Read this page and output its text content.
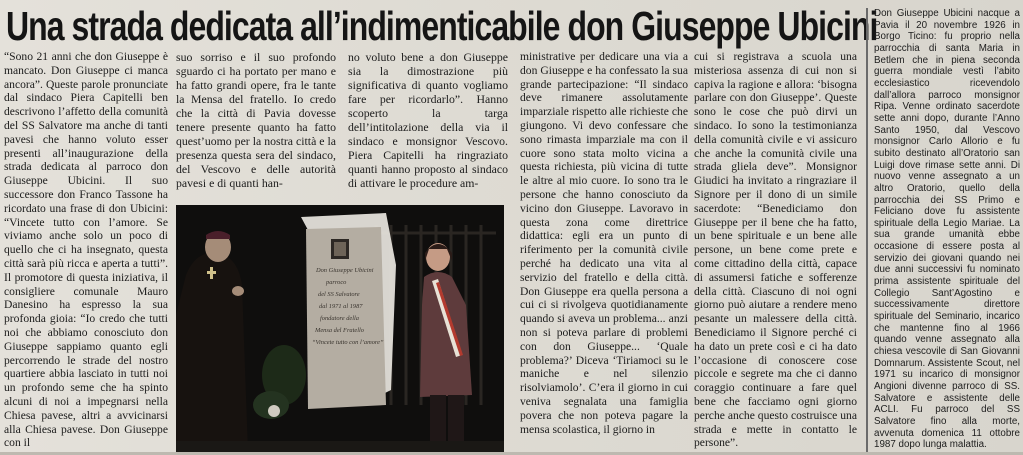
Una strada dedicata all’indimenticabile don Giuseppe Ubicini

“Sono 21 anni che don Giuseppe è mancato. Don Giuseppe ci manca ancora”. Queste parole pronunciate dal sindaco Piera Capitelli ben descrivono l’affetto della comunità del SS Salvatore ma anche di tanti pavesi che hanno voluto esser presenti all’inaugurazione della strada dedicata al parroco don Giuseppe Ubicini. Il suo successore don Franco Tassone ha ricordato una frase di don Ubicini: “Vincete tutto con l’amore. Se viviamo anche solo un poco di quello che ci ha insegnato, questa città sarà più ricca e aperta a tutti”. Il promotore di questa iniziativa, il consigliere comunale Mauro Danesino ha espresso la sua profonda gioia: “Io credo che tutti noi che abbiamo conosciuto don Giuseppe sappiamo quanto egli percorrendo le strade del nostro quartiere abbia lasciato in tutti noi un profondo seme che ha spinto alcuni di noi a impegnarsi nella Chiesa pavese, altri a avvicinarsi alla Chiesa pavese. Don Giuseppe con il

suo sorriso e il suo profondo sguardo ci ha portato per mano e ha fatto grandi opere, fra le tante la Mensa del fratello. Io credo che la città di Pavia dovesse tenere presente quanto ha fatto quest’uomo per la nostra città e la presenza questa sera del sindaco, del Vescovo e delle autorità pavesi e di quanti han-

no voluto bene a don Giuseppe sia la dimostrazione più significativa di quanto vogliamo fare per ricordarlo”. Hanno scoperto la targa dell’intitolazione della via il sindaco e monsignor Vescovo. Piera Capitelli ha ringraziato quanti hanno proposto al sindaco di attivare le procedure am-

ministrative per dedicare una via a don Giuseppe e ha confessato la sua grande partecipazione: “Il sindaco deve rimanere assolutamente imparziale rispetto alle richieste che giungono. Vi devo confessare che sono rimasta imparziale ma con il cuore sono stata molto vicina a questa richiesta, più vicina di tutte le altre al mio cuore. Io sono tra le persone che hanno conosciuto da vicino don Giuseppe. Lavoravo in questa zona come direttrice didattica: egli era un punto di riferimento per la comunità civile perché ha dedicato una vita al servizio del fratello e della città. Don Giuseppe era quella persona a cui ci si rivolgeva quotidianamente quando si aveva un problema... anzi non si poteva parlare di problemi con don Giuseppe... ‘Quale problema?’ Diceva ‘Tiriamoci su le maniche e nel silenzio risolviamolo’. C’era il giorno in cui veniva segnalata una famiglia povera che non poteva pagare la mensa scolastica, il giorno in

cui si registrava a scuola una misteriosa assenza di cui non si capiva la ragione e allora: ‘bisogna parlare con don Giuseppe’. Queste sono le cose che può dirvi un sindaco. Io sono la testimonianza della comunità civile e vi assicuro che anche la comunità civile una strada gliela deve”. Monsignor Giudici ha invitato a ringraziare il Signore per il dono di un simile sacerdote: “Benediciamo don Giuseppe per il bene che ha fatto, un bene spirituale e un bene alle persone, un bene come prete e come cittadino della città, capace di assumersi fatiche e sofferenze della città. Ciascuno di noi ogni giorno può aiutare a rendere meno pesante un malessere della città. Benediciamo il Signore perché ci ha dato un prete così e ci ha dato l’occasione di conoscere cose piccole e segrete ma che ci danno coraggio continuare a fare quel bene che facciamo ogni giorno perche anche questo costruisce una strada e mette in contatto le persone”.

Don Giuseppe Ubicini
parroco
del SS Salvatore
dal 1971 al 1987
fondatore della
Mensa del Fratello
“Vincete tutto con l’amore”

Don Giuseppe Ubicini nacque a Pavia il 20 novembre 1926 in Borgo Ticino: fu proprio nella parrocchia di santa Maria in Betlem che in piena seconda guerra mondiale vestì l’abito ecclesiastico ricevendolo dall’allora parroco monsignor Ripa. Venne ordinato sacerdote sette anni dopo, durante l’Anno Santo 1950, dal Vescovo monsignor Carlo Allorio e fu subito destinato all’Oratorio san Luigi dove rimase sette anni. Di nuovo venne assegnato a un altro Oratorio, quello della parrocchia dei SS Primo e Feliciano dove fu assistente spirituale della Legio Mariae. La sua grande umanità ebbe occasione di essere posta al servizio dei giovani quando nei due anni successivi fu nominato prima assistente spirituale del Collegio Sant’Agostino e successivamente direttore spirituale del Seminario, incarico che mantenne fino al 1966 quando venne assegnato alla chiesa vescovile di San Giovanni Domnarum. Assistente Scout, nel 1971 su incarico di monsignor Angioni divenne parroco di SS. Salvatore e assistente delle ACLI. Fu parroco del SS Salvatore fino alla morte, avvenuta domenica 11 ottobre 1987 dopo lunga malattia.
